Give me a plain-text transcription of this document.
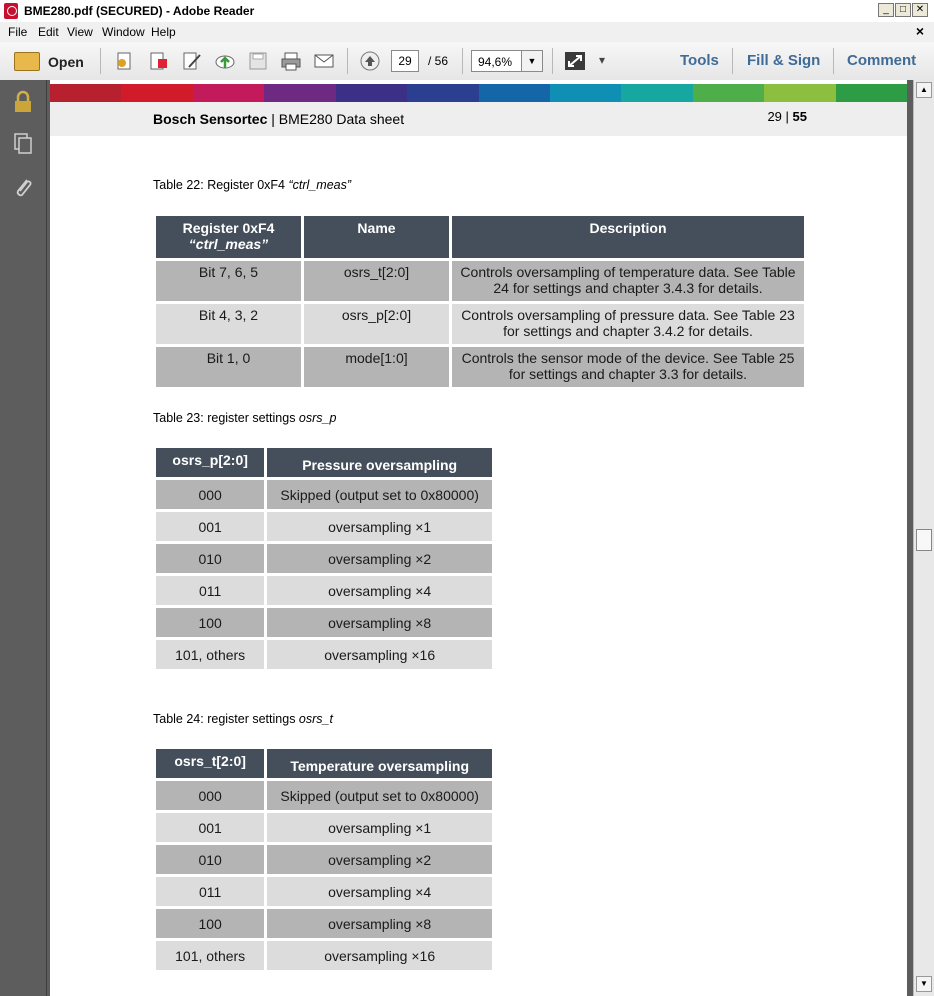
BME280.pdf (SECURED) - Adobe Reader	_	□ ✕
File Edit View Window Help	×
Open	29	/ 56 94,6%	▼	▾	Tools Fill & Sign Comment
Bosch Sensortec | BME280 Data sheet	29 | 55
Table 22: Register 0xF4 “ctrl_meas”
Register 0xF4
“ctrl_meas”	Name	Description
Bit 7, 6, 5	osrs_t[2:0]	Controls oversampling of temperature data. See Table 24 for settings and chapter 3.4.3 for details.
Bit 4, 3, 2	osrs_p[2:0]	Controls oversampling of pressure data. See Table 23 for settings and chapter 3.4.2 for details.
Bit 1, 0	mode[1:0]	Controls the sensor mode of the device. See Table 25 for settings and chapter 3.3 for details.
Table 23: register settings osrs_p
osrs_p[2:0]	Pressure oversampling
000	Skipped (output set to 0x80000)
001	oversampling ×1
010	oversampling ×2
011	oversampling ×4
100	oversampling ×8
101, others	oversampling ×16
Table 24: register settings osrs_t
osrs_t[2:0]	Temperature oversampling
000	Skipped (output set to 0x80000)
001	oversampling ×1
010	oversampling ×2
011	oversampling ×4
100	oversampling ×8
101, others	oversampling ×16
▲
▼
